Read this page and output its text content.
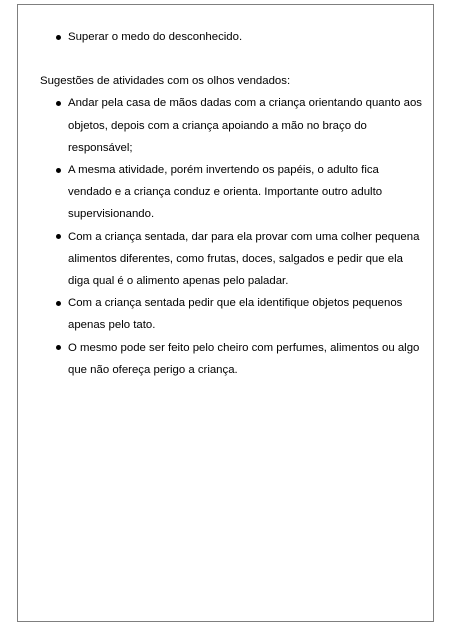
Superar o medo do desconhecido.

Sugestões de atividades com os olhos vendados:

Andar pela casa de mãos dadas com a criança orientando quanto aos objetos, depois com a criança apoiando a mão no braço do responsável;
A mesma atividade, porém invertendo os papéis, o adulto fica vendado e a criança conduz e orienta. Importante outro adulto supervisionando.
Com a criança sentada, dar para ela provar com uma colher pequena alimentos diferentes, como frutas, doces, salgados e pedir que ela diga qual é o alimento apenas pelo paladar.
Com a criança sentada pedir que ela identifique objetos pequenos apenas pelo tato.
O mesmo pode ser feito pelo cheiro com perfumes, alimentos ou algo que não ofereça perigo a criança.
